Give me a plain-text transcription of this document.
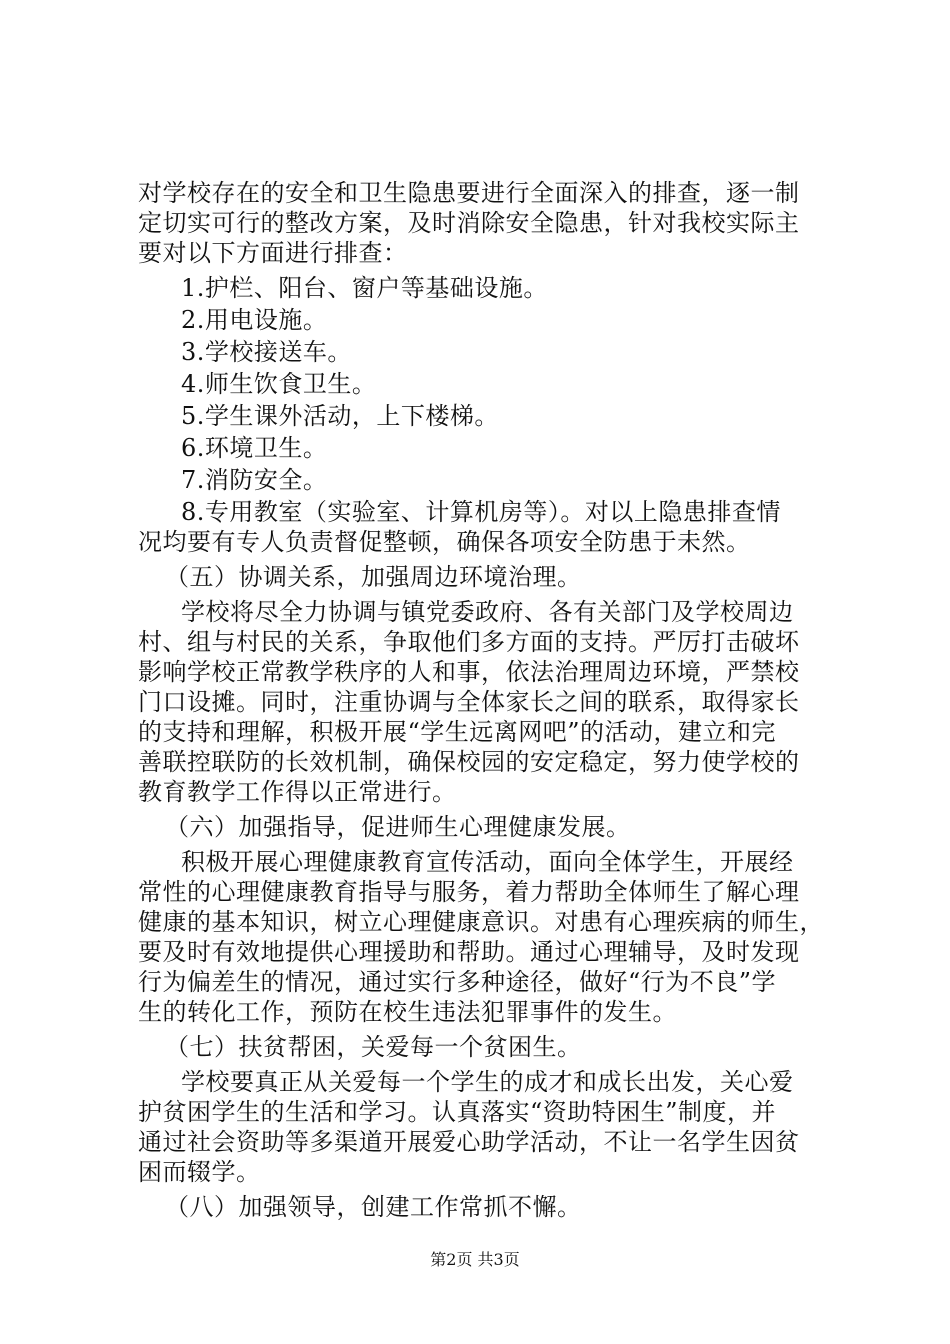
对学校存在的安全和卫生隐患要进行全面深入的排查，逐一制
定切实可行的整改方案，及时消除安全隐患，针对我校实际主
要对以下方面进行排查：
1.护栏、阳台、窗户等基础设施。
2.用电设施。
3.学校接送车。
4.师生饮食卫生。
5.学生课外活动，上下楼梯。
6.环境卫生。
7.消防安全。
8.专用教室（实验室、计算机房等）。对以上隐患排查情
况均要有专人负责督促整顿，确保各项安全防患于未然。
（五）协调关系，加强周边环境治理。
学校将尽全力协调与镇党委政府、各有关部门及学校周边
村、组与村民的关系，争取他们多方面的支持。严厉打击破坏
影响学校正常教学秩序的人和事，依法治理周边环境，严禁校
门口设摊。同时，注重协调与全体家长之间的联系，取得家长
的支持和理解，积极开展“学生远离网吧”的活动，建立和完
善联控联防的长效机制，确保校园的安定稳定，努力使学校的
教育教学工作得以正常进行。
（六）加强指导，促进师生心理健康发展。
积极开展心理健康教育宣传活动，面向全体学生，开展经
常性的心理健康教育指导与服务，着力帮助全体师生了解心理
健康的基本知识，树立心理健康意识。对患有心理疾病的师生，
要及时有效地提供心理援助和帮助。通过心理辅导，及时发现
行为偏差生的情况，通过实行多种途径，做好“行为不良”学
生的转化工作，预防在校生违法犯罪事件的发生。
（七）扶贫帮困，关爱每一个贫困生。
学校要真正从关爱每一个学生的成才和成长出发，关心爱
护贫困学生的生活和学习。认真落实“资助特困生”制度，并
通过社会资助等多渠道开展爱心助学活动，不让一名学生因贫
困而辍学。
（八）加强领导，创建工作常抓不懈。
第2页 共3页
